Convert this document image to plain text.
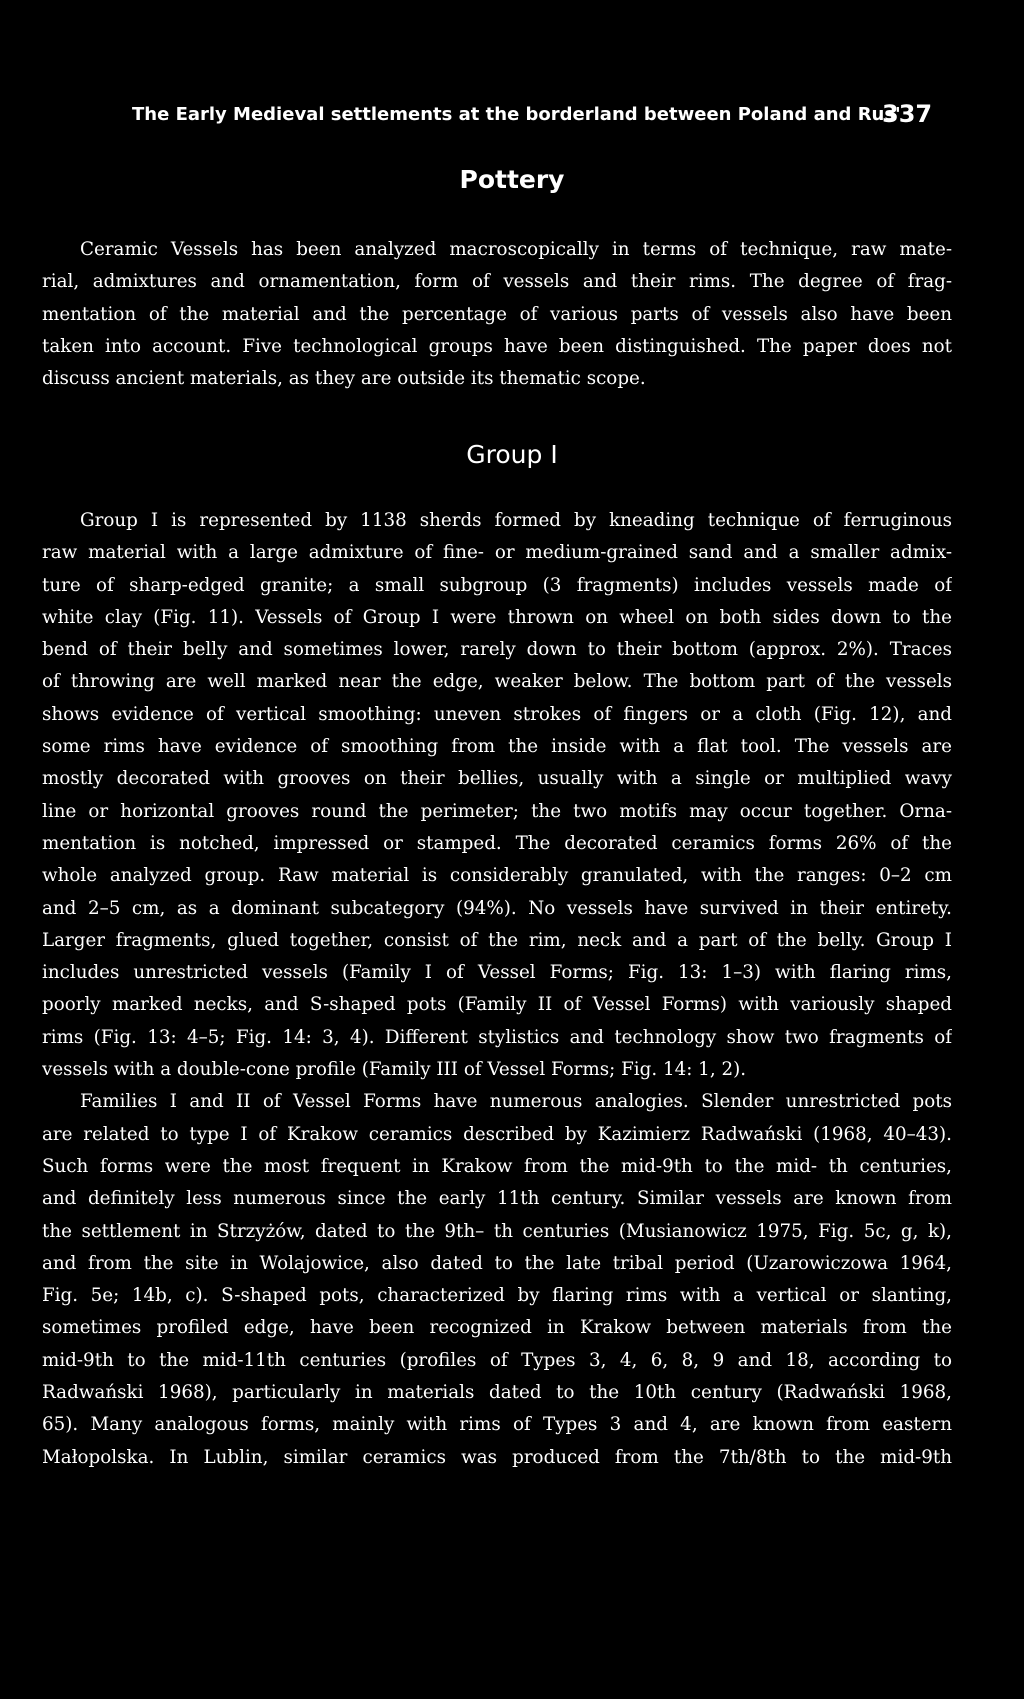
The Early Medieval settlements at the borderland between Poland and Rus'
337
Pottery
Ceramic Vessels has been analyzed macroscopically in terms of technique, raw mate-
rial, admixtures and ornamentation, form of vessels and their rims. The degree of frag-
mentation of the material and the percentage of various parts of vessels also have been
taken into account. Five technological groups have been distinguished. The paper does not
discuss ancient materials, as they are outside its thematic scope.
Group I
Group I is represented by 1138 sherds formed by kneading technique of ferruginous
raw material with a large admixture of fine- or medium-grained sand and a smaller admix-
ture of sharp-edged granite; a small subgroup (3 fragments) includes vessels made of
white clay (Fig. 11). Vessels of Group I were thrown on wheel on both sides down to the
bend of their belly and sometimes lower, rarely down to their bottom (approx. 2%). Traces
of throwing are well marked near the edge, weaker below. The bottom part of the vessels
shows evidence of vertical smoothing: uneven strokes of fingers or a cloth (Fig. 12), and
some rims have evidence of smoothing from the inside with a flat tool. The vessels are
mostly decorated with grooves on their bellies, usually with a single or multiplied wavy
line or horizontal grooves round the perimeter; the two motifs may occur together. Orna-
mentation is notched, impressed or stamped. The decorated ceramics forms 26% of the
whole analyzed group. Raw material is considerably granulated, with the ranges: 0–2 cm
and 2–5 cm, as a dominant subcategory (94%). No vessels have survived in their entirety.
Larger fragments, glued together, consist of the rim, neck and a part of the belly. Group I
includes unrestricted vessels (Family I of Vessel Forms; Fig. 13: 1–3) with flaring rims,
poorly marked necks, and S-shaped pots (Family II of Vessel Forms) with variously shaped
rims (Fig. 13: 4–5; Fig. 14: 3, 4). Different stylistics and technology show two fragments of
vessels with a double-cone profile (Family III of Vessel Forms; Fig. 14: 1, 2).
Families I and II of Vessel Forms have numerous analogies. Slender unrestricted pots
are related to type I of Krakow ceramics described by Kazimierz Radwański (1968, 40–43).
Such forms were the most frequent in Krakow from the mid-9th to the mid- th centuries,
and definitely less numerous since the early 11th century. Similar vessels are known from
the settlement in Strzyżów, dated to the 9th– th centuries (Musianowicz 1975, Fig. 5c, g, k),
and from the site in Wolajowice, also dated to the late tribal period (Uzarowiczowa 1964,
Fig. 5e; 14b, c). S-shaped pots, characterized by flaring rims with a vertical or slanting,
sometimes profiled edge, have been recognized in Krakow between materials from the
mid-9th to the mid-11th centuries (profiles of Types 3, 4, 6, 8, 9 and 18, according to
Radwański 1968), particularly in materials dated to the 10th century (Radwański 1968,
65). Many analogous forms, mainly with rims of Types 3 and 4, are known from eastern
Małopolska. In Lublin, similar ceramics was produced from the 7th/8th to the mid-9th
